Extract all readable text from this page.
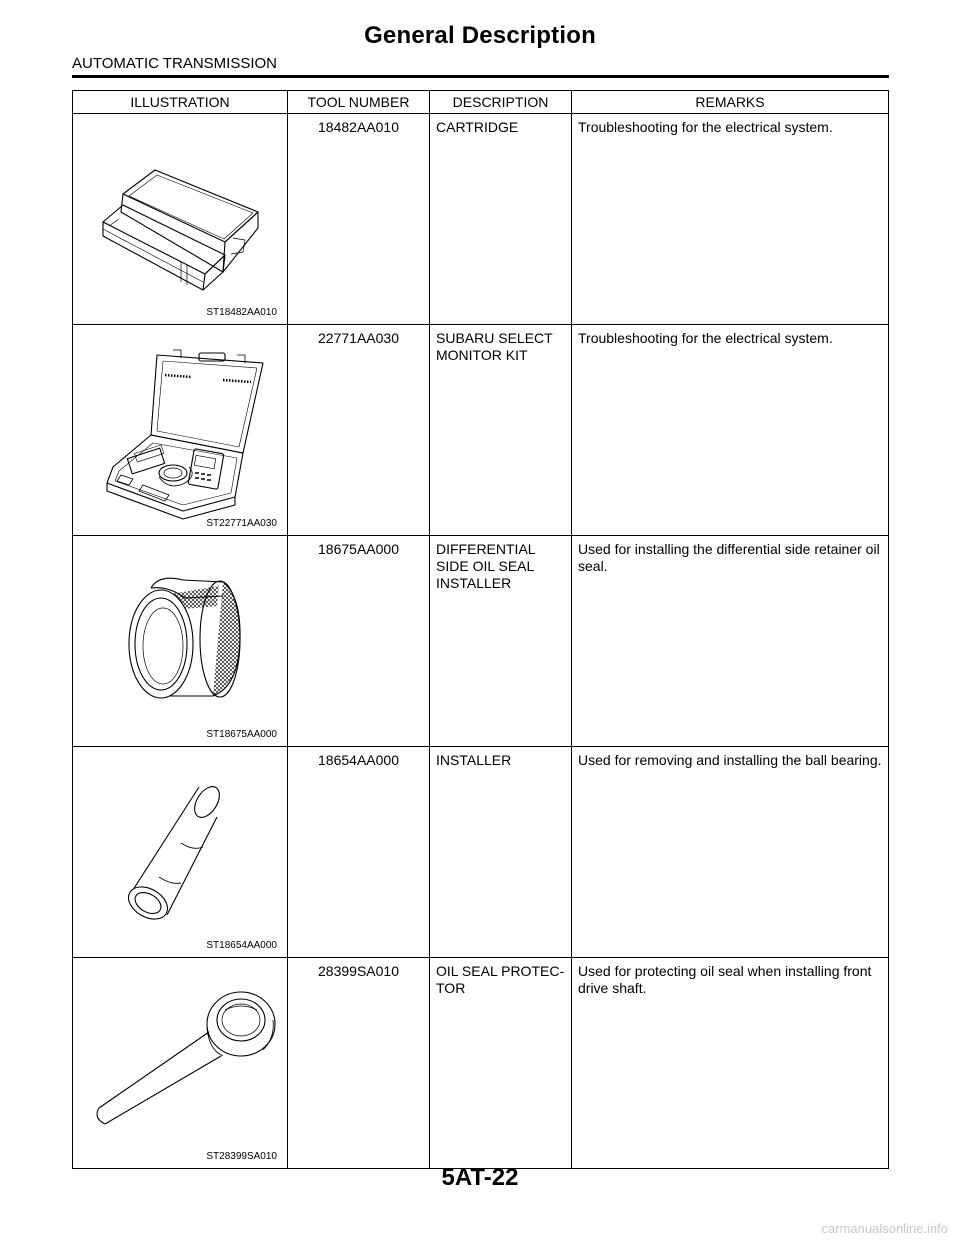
General Description
AUTOMATIC TRANSMISSION
ILLUSTRATION	TOOL NUMBER	DESCRIPTION	REMARKS

ST18482AA010	18482AA010	CARTRIDGE	Troubleshooting for the electrical system.

ST22771AA030	22771AA030	SUBARU SELECT MONITOR KIT	Troubleshooting for the electrical system.

ST18675AA000	18675AA000	DIFFERENTIAL SIDE OIL SEAL INSTALLER	Used for installing the differential side retainer oil seal.

ST18654AA000	18654AA000	INSTALLER	Used for removing and installing the ball bearing.

ST28399SA010	28399SA010	OIL SEAL PROTEC-TOR	Used for protecting oil seal when installing front drive shaft.
5AT-22
carmanualsonline.info
